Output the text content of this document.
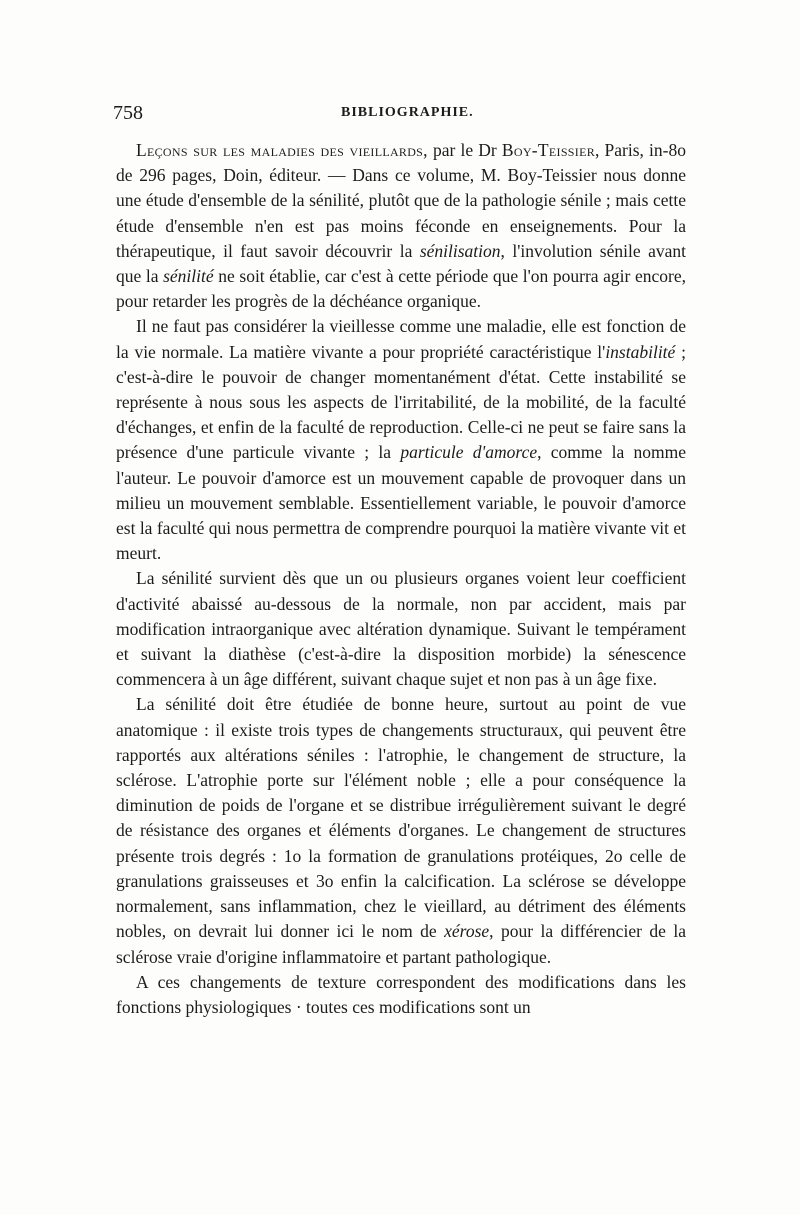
758	BIBLIOGRAPHIE.

Leçons sur les maladies des vieillards, par le Dr Boy-Teissier, Paris, in-8o de 296 pages, Doin, éditeur. — Dans ce volume, M. Boy-Teissier nous donne une étude d'ensemble de la sénilité, plutôt que de la pathologie sénile ; mais cette étude d'ensemble n'en est pas moins féconde en enseignements. Pour la thérapeutique, il faut savoir découvrir la sénilisation, l'involution sénile avant que la sénilité ne soit établie, car c'est à cette période que l'on pourra agir encore, pour retarder les progrès de la déchéance organique.

Il ne faut pas considérer la vieillesse comme une maladie, elle est fonction de la vie normale. La matière vivante a pour propriété caractéristique l'instabilité ; c'est-à-dire le pouvoir de changer momentanément d'état. Cette instabilité se représente à nous sous les aspects de l'irritabilité, de la mobilité, de la faculté d'échanges, et enfin de la faculté de reproduction. Celle-ci ne peut se faire sans la présence d'une particule vivante ; la particule d'amorce, comme la nomme l'auteur. Le pouvoir d'amorce est un mouvement capable de provoquer dans un milieu un mouvement semblable. Essentiellement variable, le pouvoir d'amorce est la faculté qui nous permettra de comprendre pourquoi la matière vivante vit et meurt.

La sénilité survient dès que un ou plusieurs organes voient leur coefficient d'activité abaissé au-dessous de la normale, non par accident, mais par modification intraorganique avec altération dynamique. Suivant le tempérament et suivant la diathèse (c'est-à-dire la disposition morbide) la sénescence commencera à un âge différent, suivant chaque sujet et non pas à un âge fixe.

La sénilité doit être étudiée de bonne heure, surtout au point de vue anatomique : il existe trois types de changements structuraux, qui peuvent être rapportés aux altérations séniles : l'atrophie, le changement de structure, la sclérose. L'atrophie porte sur l'élément noble ; elle a pour conséquence la diminution de poids de l'organe et se distribue irrégulièrement suivant le degré de résistance des organes et éléments d'organes. Le changement de structures présente trois degrés : 1o la formation de granulations protéiques, 2o celle de granulations graisseuses et 3o enfin la calcification. La sclérose se développe normalement, sans inflammation, chez le vieillard, au détriment des éléments nobles, on devrait lui donner ici le nom de xérose, pour la différencier de la sclérose vraie d'origine inflammatoire et partant pathologique.

A ces changements de texture correspondent des modifications dans les fonctions physiologiques · toutes ces modifications sont un
